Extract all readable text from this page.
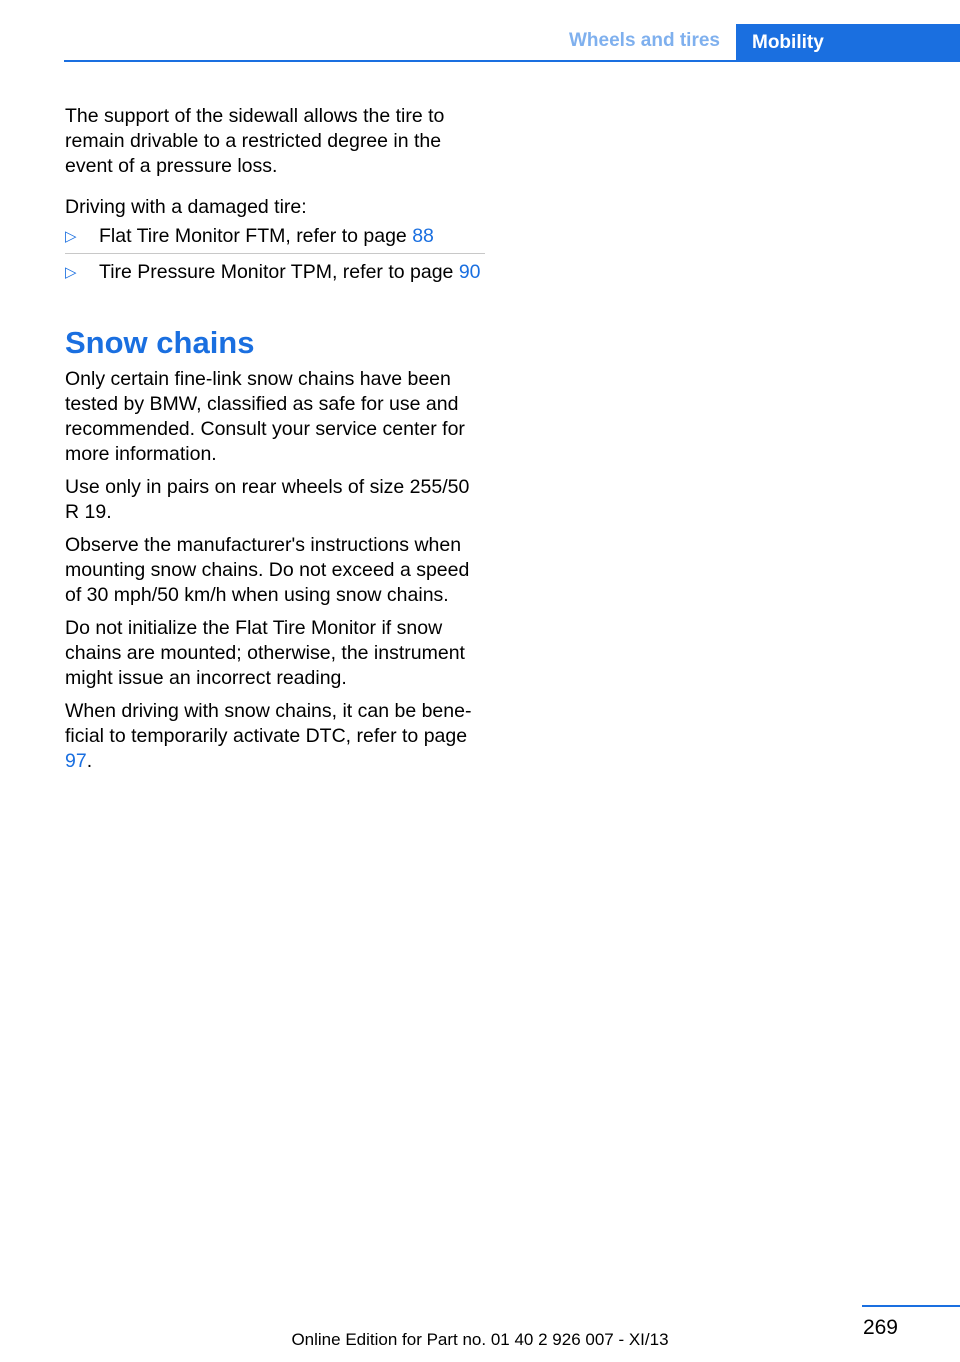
Wheels and tires	Mobility

The support of the sidewall allows the tire to remain drivable to a restricted degree in the event of a pressure loss.

Driving with a damaged tire:

▷ Flat Tire Monitor FTM, refer to page 88
▷ Tire Pressure Monitor TPM, refer to page 90
Snow chains

Only certain fine-link snow chains have been tested by BMW, classified as safe for use and recommended. Consult your service center for more information.

Use only in pairs on rear wheels of size 255/50 R 19.

Observe the manufacturer's instructions when mounting snow chains. Do not exceed a speed of 30 mph/50 km/h when using snow chains.

Do not initialize the Flat Tire Monitor if snow chains are mounted; otherwise, the instrument might issue an incorrect reading.

When driving with snow chains, it can be bene‐ficial to temporarily activate DTC, refer to page 97.

269
Online Edition for Part no. 01 40 2 926 007 - XI/13
